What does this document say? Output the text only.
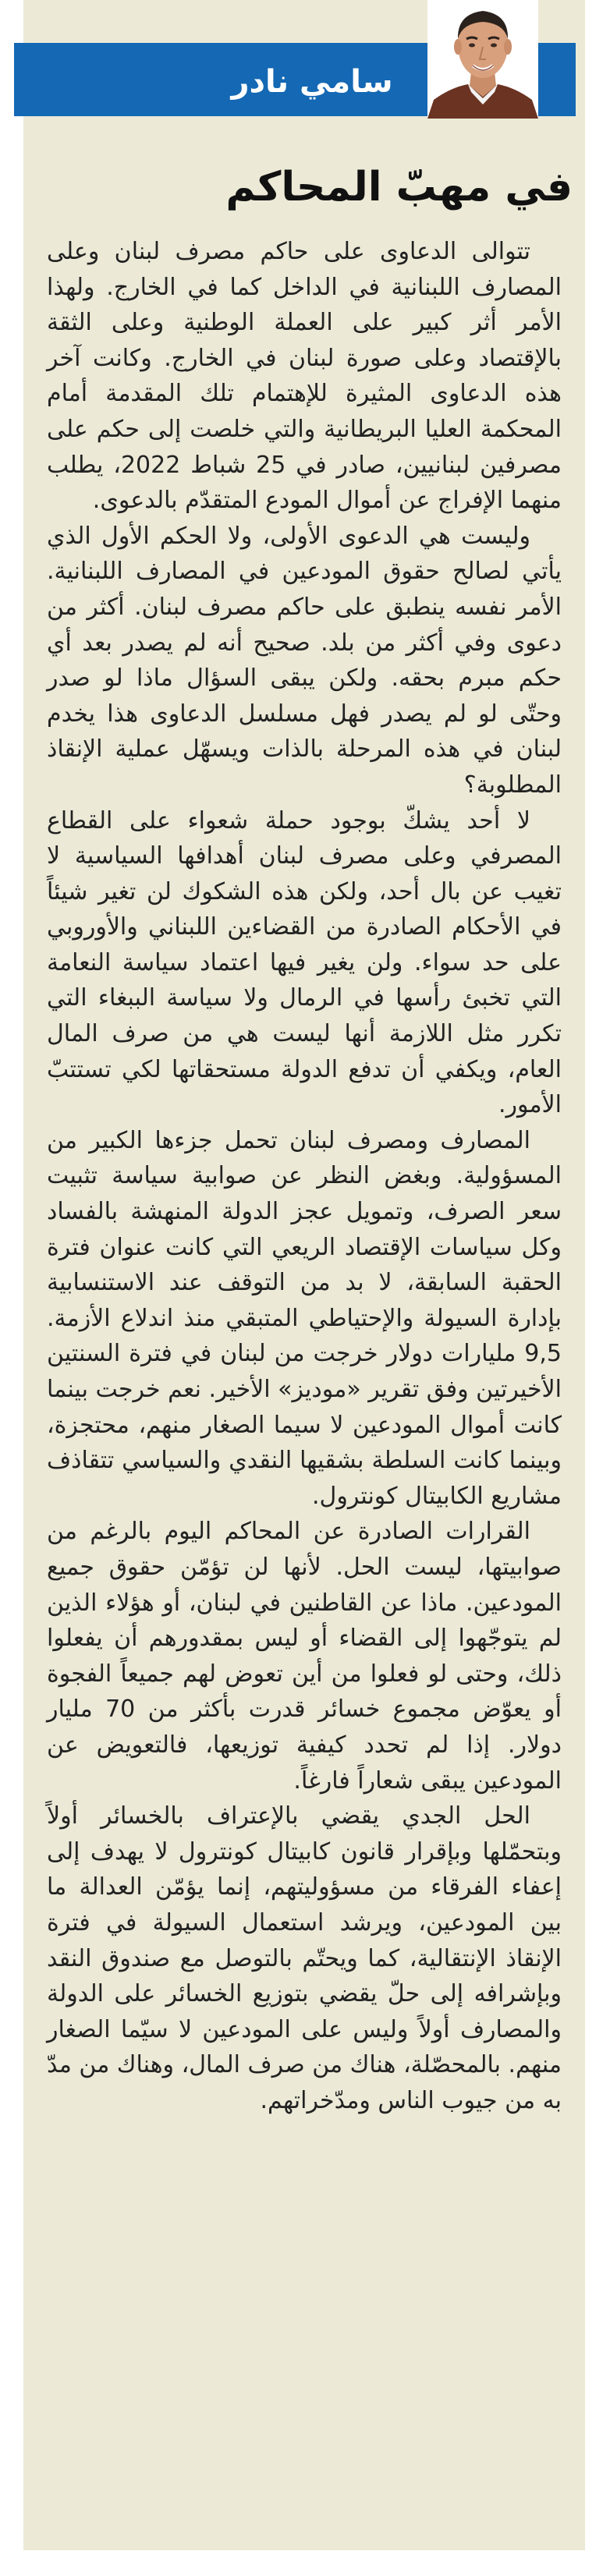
سامي نادر
في مهبّ المحاكم

تتوالى الدعاوى على حاكم مصرف لبنان وعلى المصارف اللبنانية في الداخل كما في الخارج. ولهذا الأمر أثر كبير على العملة الوطنية وعلى الثقة بالإقتصاد وعلى صورة لبنان في الخارج. وكانت آخر هذه الدعاوى المثيرة للإهتمام تلك المقدمة أمام المحكمة العليا البريطانية والتي خلصت إلى حكم على مصرفين لبنانيين، صادر في 25 شباط 2022، يطلب منهما الإفراج عن أموال المودع المتقدّم بالدعوى.

وليست هي الدعوى الأولى، ولا الحكم الأول الذي يأتي لصالح حقوق المودعين في المصارف اللبنانية. الأمر نفسه ينطبق على حاكم مصرف لبنان. أكثر من دعوى وفي أكثر من بلد. صحيح أنه لم يصدر بعد أي حكم مبرم بحقه. ولكن يبقى السؤال ماذا لو صدر وحتّى لو لم يصدر فهل مسلسل الدعاوى هذا يخدم لبنان في هذه المرحلة بالذات ويسهّل عملية الإنقاذ المطلوبة؟

لا أحد يشكّ بوجود حملة شعواء على القطاع المصرفي وعلى مصرف لبنان أهدافها السياسية لا تغيب عن بال أحد، ولكن هذه الشكوك لن تغير شيئاً في الأحكام الصادرة من القضاءين اللبناني والأوروبي على حد سواء. ولن يغير فيها اعتماد سياسة النعامة التي تخبئ رأسها في الرمال ولا سياسة الببغاء التي تكرر مثل اللازمة أنها ليست هي من صرف المال العام، ويكفي أن تدفع الدولة مستحقاتها لكي تستتبّ الأمور.

المصارف ومصرف لبنان تحمل جزءها الكبير من المسؤولية. وبغض النظر عن صوابية سياسة تثبيت سعر الصرف، وتمويل عجز الدولة المنهشة بالفساد وكل سياسات الإقتصاد الريعي التي كانت عنوان فترة الحقبة السابقة، لا بد من التوقف عند الاستنسابية بإدارة السيولة والإحتياطي المتبقي منذ اندلاع الأزمة. 9,5 مليارات دولار خرجت من لبنان في فترة السنتين الأخيرتين وفق تقرير «موديز» الأخير. نعم خرجت بينما كانت أموال المودعين لا سيما الصغار منهم، محتجزة، وبينما كانت السلطة بشقيها النقدي والسياسي تتقاذف مشاريع الكابيتال كونترول.

القرارات الصادرة عن المحاكم اليوم بالرغم من صوابيتها، ليست الحل. لأنها لن تؤمّن حقوق جميع المودعين. ماذا عن القاطنين في لبنان، أو هؤلاء الذين لم يتوجّهوا إلى القضاء أو ليس بمقدورهم أن يفعلوا ذلك، وحتى لو فعلوا من أين تعوض لهم جميعاً الفجوة أو يعوّض مجموع خسائر قدرت بأكثر من 70 مليار دولار. إذا لم تحدد كيفية توزيعها، فالتعويض عن المودعين يبقى شعاراً فارغاً.

الحل الجدي يقضي بالإعتراف بالخسائر أولاً وبتحمّلها وبإقرار قانون كابيتال كونترول لا يهدف إلى إعفاء الفرقاء من مسؤوليتهم، إنما يؤمّن العدالة ما بين المودعين، ويرشد استعمال السيولة في فترة الإنقاذ الإنتقالية، كما ويحتّم بالتوصل مع صندوق النقد وبإشرافه إلى حلّ يقضي بتوزيع الخسائر على الدولة والمصارف أولاً وليس على المودعين لا سيّما الصغار منهم. بالمحصّلة، هناك من صرف المال، وهناك من مدّ به من جيوب الناس ومدّخراتهم.
